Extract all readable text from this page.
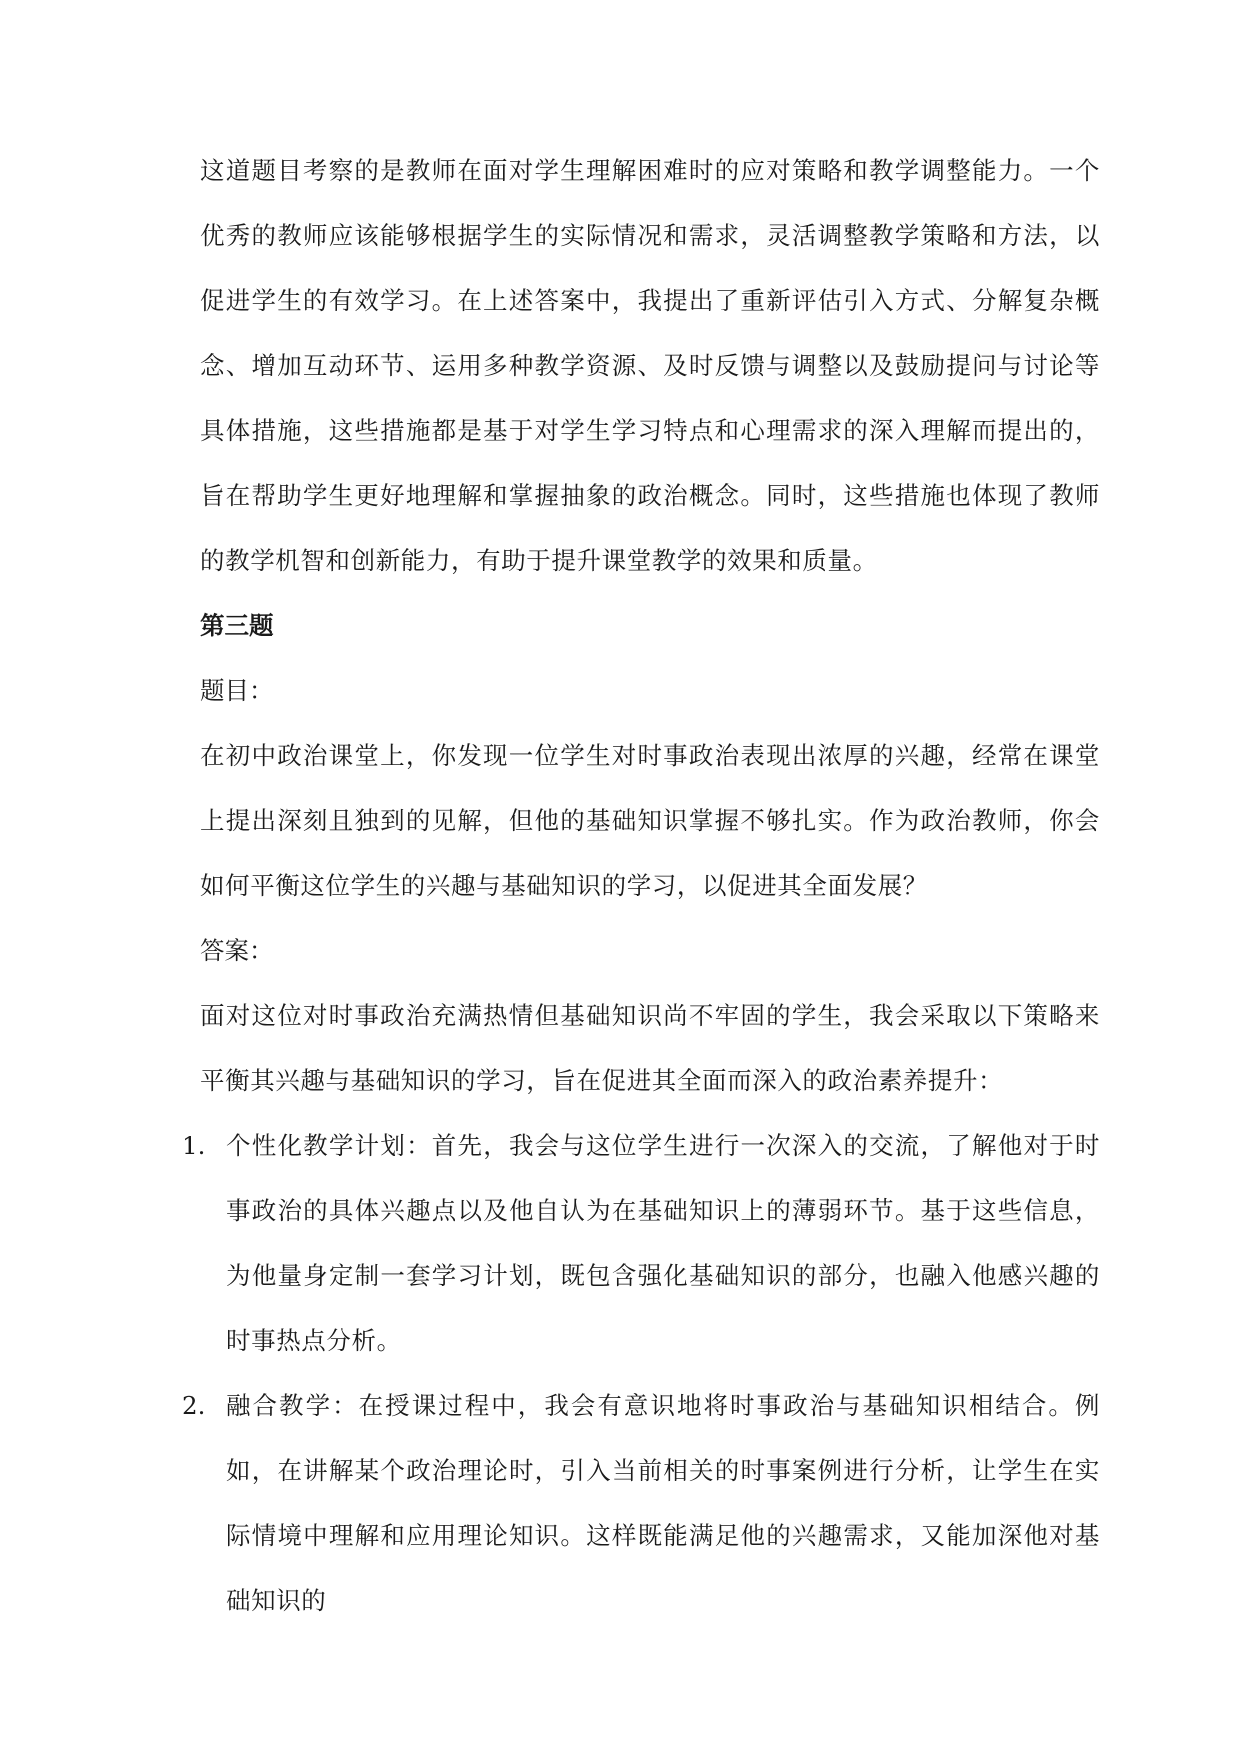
这道题目考察的是教师在面对学生理解困难时的应对策略和教学调整能力。一个优秀的教师应该能够根据学生的实际情况和需求，灵活调整教学策略和方法，以促进学生的有效学习。在上述答案中，我提出了重新评估引入方式、分解复杂概念、增加互动环节、运用多种教学资源、及时反馈与调整以及鼓励提问与讨论等具体措施，这些措施都是基于对学生学习特点和心理需求的深入理解而提出的，旨在帮助学生更好地理解和掌握抽象的政治概念。同时，这些措施也体现了教师的教学机智和创新能力，有助于提升课堂教学的效果和质量。

第三题

题目：

在初中政治课堂上，你发现一位学生对时事政治表现出浓厚的兴趣，经常在课堂上提出深刻且独到的见解，但他的基础知识掌握不够扎实。作为政治教师，你会如何平衡这位学生的兴趣与基础知识的学习，以促进其全面发展？

答案：

面对这位对时事政治充满热情但基础知识尚不牢固的学生，我会采取以下策略来平衡其兴趣与基础知识的学习，旨在促进其全面而深入的政治素养提升：

1. 个性化教学计划：首先，我会与这位学生进行一次深入的交流，了解他对于时事政治的具体兴趣点以及他自认为在基础知识上的薄弱环节。基于这些信息，为他量身定制一套学习计划，既包含强化基础知识的部分，也融入他感兴趣的时事热点分析。

2. 融合教学：在授课过程中，我会有意识地将时事政治与基础知识相结合。例如，在讲解某个政治理论时，引入当前相关的时事案例进行分析，让学生在实际情境中理解和应用理论知识。这样既能满足他的兴趣需求，又能加深他对基础知识的
